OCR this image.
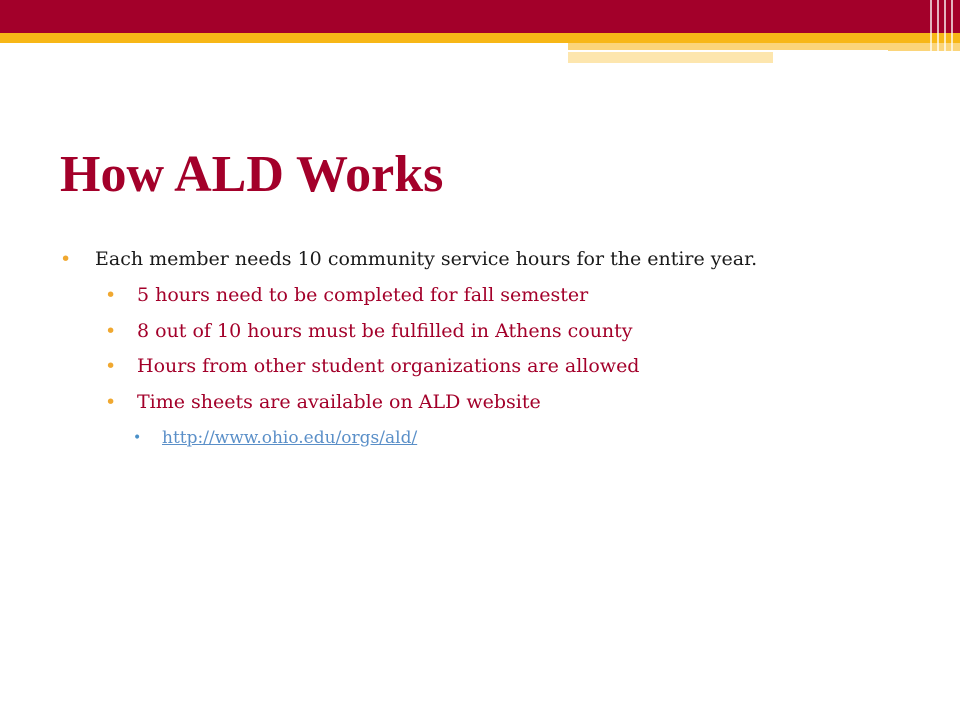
How ALD Works
• Each member needs 10 community service hours for the entire year.
• 5 hours need to be completed for fall semester
• 8 out of 10 hours must be fulfilled in Athens county
• Hours from other student organizations are allowed
• Time sheets are available on ALD website
• http://www.ohio.edu/orgs/ald/
